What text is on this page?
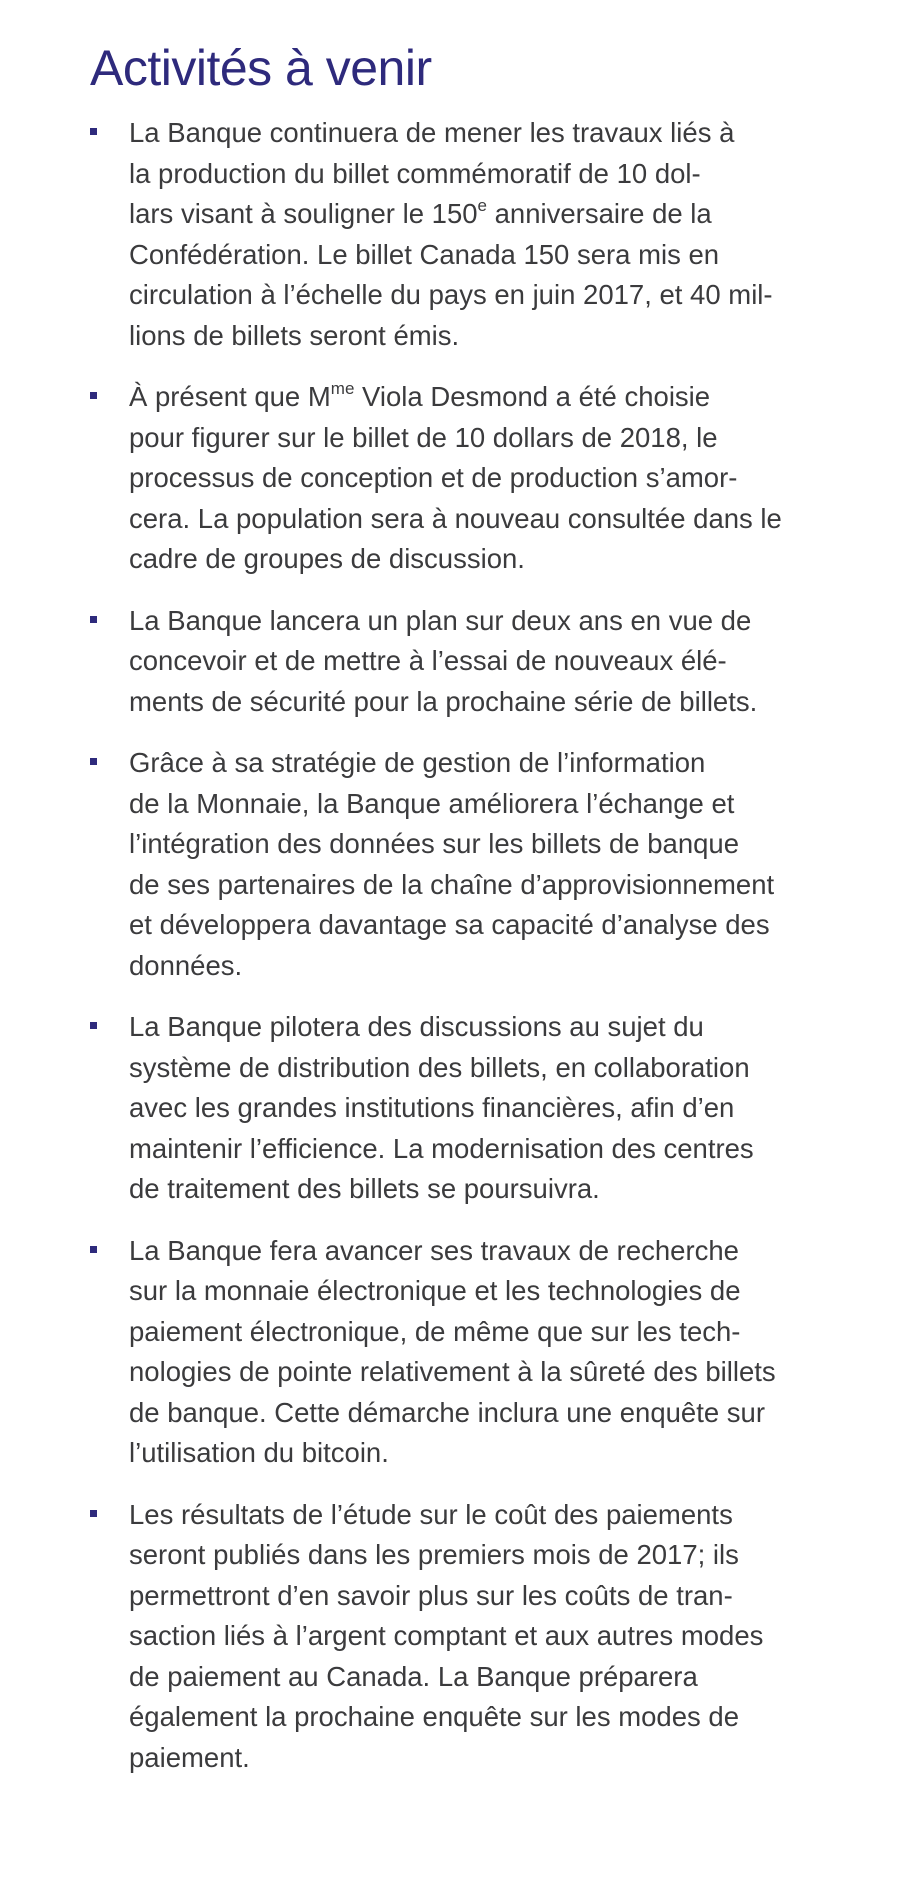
Activités à venir
La Banque continuera de mener les travaux liés à
la production du billet commémoratif de 10 dol-
lars visant à souligner le 150e anniversaire de la
Confédération. Le billet Canada 150 sera mis en
circulation à l’échelle du pays en juin 2017, et 40 mil-
lions de billets seront émis.
À présent que $M^{me}$ Viola Desmond a été choisie
pour figurer sur le billet de 10 dollars de 2018, le
processus de conception et de production s’amor-
cera. La population sera à nouveau consultée dans le
cadre de groupes de discussion.
La Banque lancera un plan sur deux ans en vue de
concevoir et de mettre à l’essai de nouveaux élé-
ments de sécurité pour la prochaine série de billets.
Grâce à sa stratégie de gestion de l’information
de la Monnaie, la Banque améliorera l’échange et
l’intégration des données sur les billets de banque
de ses partenaires de la chaîne d’approvisionnement
et développera davantage sa capacité d’analyse des
données.
La Banque pilotera des discussions au sujet du
système de distribution des billets, en collaboration
avec les grandes institutions financières, afin d’en
maintenir l’efficience. La modernisation des centres
de traitement des billets se poursuivra.
La Banque fera avancer ses travaux de recherche
sur la monnaie électronique et les technologies de
paiement électronique, de même que sur les tech-
nologies de pointe relativement à la sûreté des billets
de banque. Cette démarche inclura une enquête sur
l’utilisation du bitcoin.
Les résultats de l’étude sur le coût des paiements
seront publiés dans les premiers mois de 2017; ils
permettront d’en savoir plus sur les coûts de tran-
saction liés à l’argent comptant et aux autres modes
de paiement au Canada. La Banque préparera
également la prochaine enquête sur les modes de
paiement.
